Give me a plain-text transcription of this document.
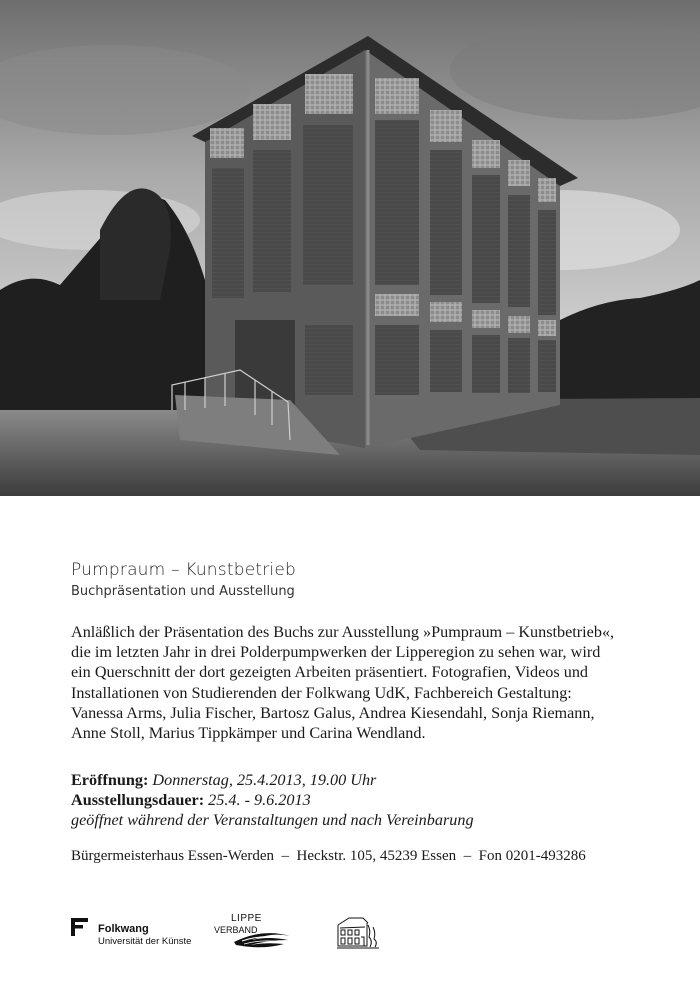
Pumpraum – Kunstbetrieb
Buchpräsentation und Ausstellung

Anläßlich der Präsentation des Buchs zur Ausstellung »Pumpraum – Kunstbetrieb«,

die im letzten Jahr in drei Polderpumpwerken der Lipperegion zu sehen war, wird

ein Querschnitt der dort gezeigten Arbeiten präsentiert. Fotografien, Videos und

Installationen von Studierenden der Folkwang UdK, Fachbereich Gestaltung:

Vanessa Arms, Julia Fischer, Bartosz Galus, Andrea Kiesendahl, Sonja Riemann,

Anne Stoll, Marius Tippkämper und Carina Wendland.

Eröffnung: Donnerstag, 25.4.2013, 19.00 Uhr
Ausstellungsdauer: 25.4. - 9.6.2013
geöffnet während der Veranstaltungen und nach Vereinbarung
Bürgermeisterhaus Essen-Werden  –  Heckstr. 105, 45239 Essen  –  Fon 0201-493286
Folkwang
Universität der Künste
LIPPE
VERBAND
